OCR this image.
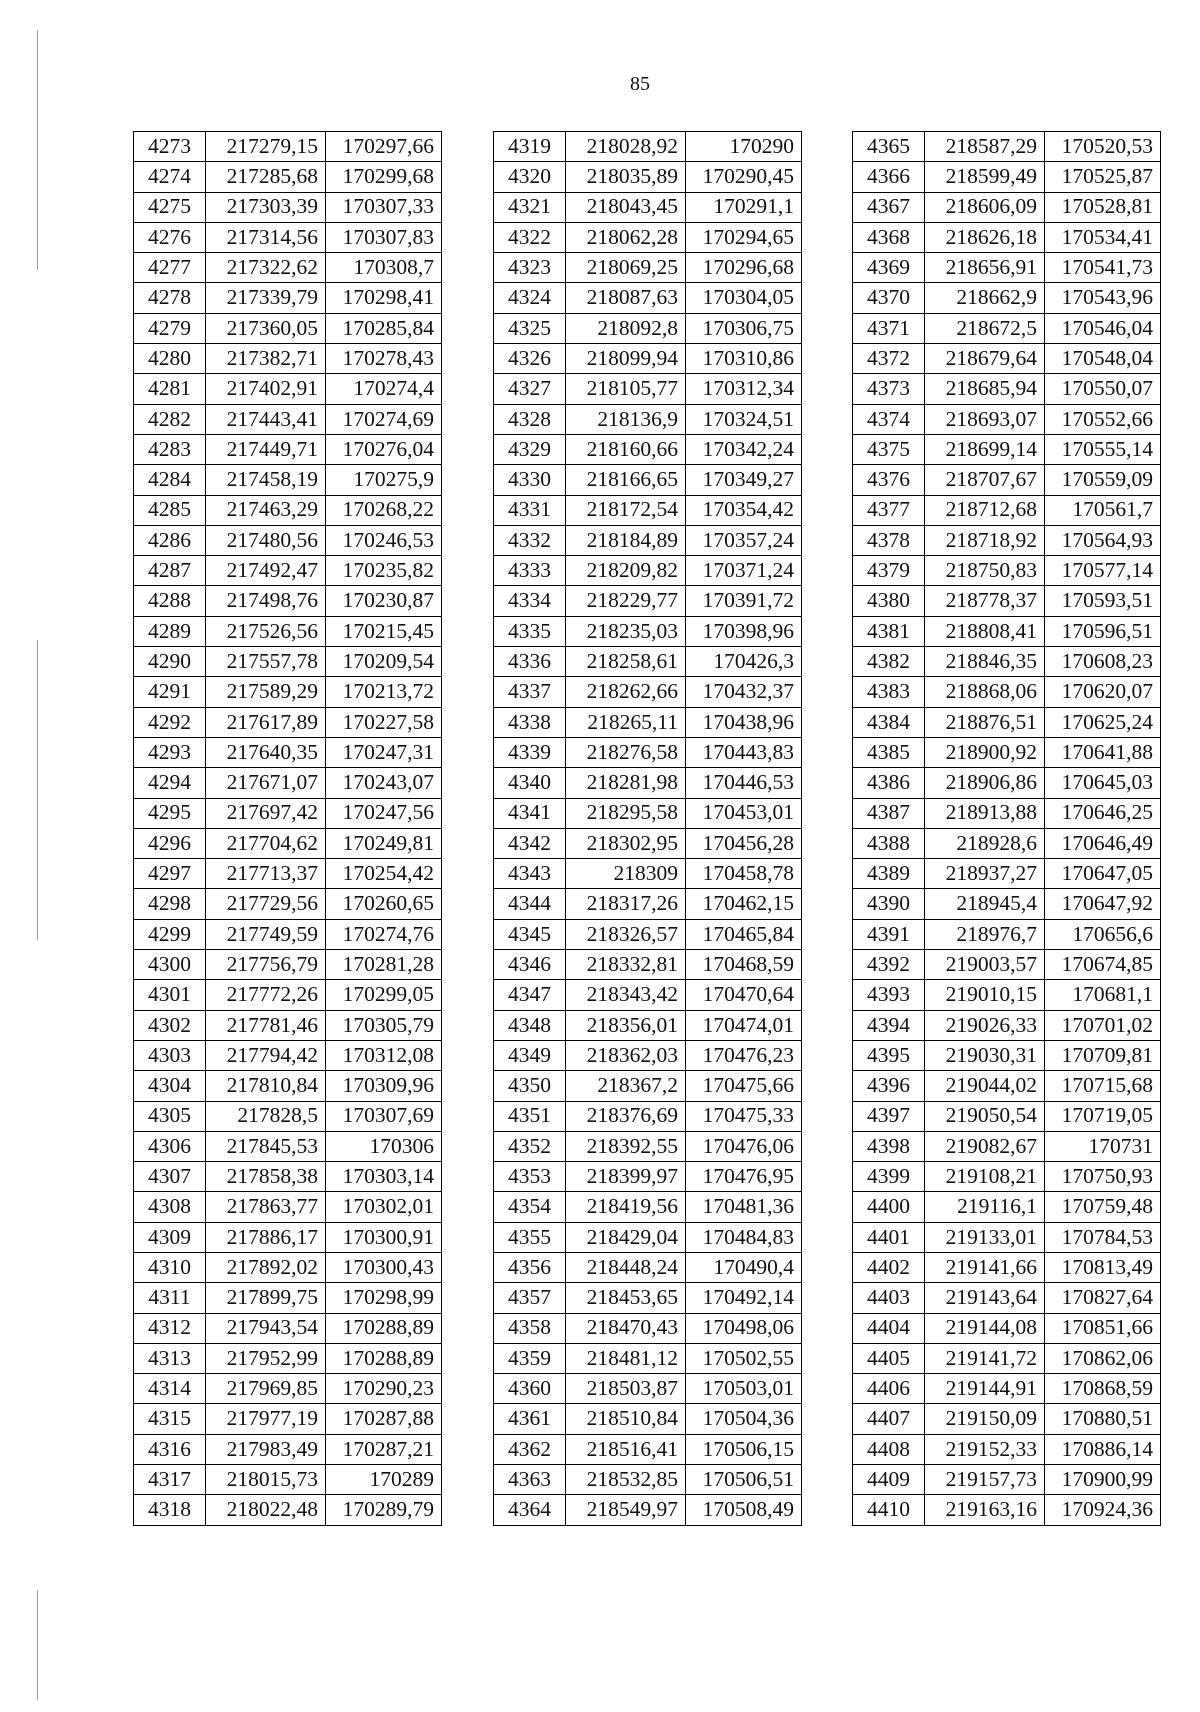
85
4273	217279,15	170297,66
4274	217285,68	170299,68
4275	217303,39	170307,33
4276	217314,56	170307,83
4277	217322,62	170308,7
4278	217339,79	170298,41
4279	217360,05	170285,84
4280	217382,71	170278,43
4281	217402,91	170274,4
4282	217443,41	170274,69
4283	217449,71	170276,04
4284	217458,19	170275,9
4285	217463,29	170268,22
4286	217480,56	170246,53
4287	217492,47	170235,82
4288	217498,76	170230,87
4289	217526,56	170215,45
4290	217557,78	170209,54
4291	217589,29	170213,72
4292	217617,89	170227,58
4293	217640,35	170247,31
4294	217671,07	170243,07
4295	217697,42	170247,56
4296	217704,62	170249,81
4297	217713,37	170254,42
4298	217729,56	170260,65
4299	217749,59	170274,76
4300	217756,79	170281,28
4301	217772,26	170299,05
4302	217781,46	170305,79
4303	217794,42	170312,08
4304	217810,84	170309,96
4305	217828,5	170307,69
4306	217845,53	170306
4307	217858,38	170303,14
4308	217863,77	170302,01
4309	217886,17	170300,91
4310	217892,02	170300,43
4311	217899,75	170298,99
4312	217943,54	170288,89
4313	217952,99	170288,89
4314	217969,85	170290,23
4315	217977,19	170287,88
4316	217983,49	170287,21
4317	218015,73	170289
4318	218022,48	170289,79
4319	218028,92	170290
4320	218035,89	170290,45
4321	218043,45	170291,1
4322	218062,28	170294,65
4323	218069,25	170296,68
4324	218087,63	170304,05
4325	218092,8	170306,75
4326	218099,94	170310,86
4327	218105,77	170312,34
4328	218136,9	170324,51
4329	218160,66	170342,24
4330	218166,65	170349,27
4331	218172,54	170354,42
4332	218184,89	170357,24
4333	218209,82	170371,24
4334	218229,77	170391,72
4335	218235,03	170398,96
4336	218258,61	170426,3
4337	218262,66	170432,37
4338	218265,11	170438,96
4339	218276,58	170443,83
4340	218281,98	170446,53
4341	218295,58	170453,01
4342	218302,95	170456,28
4343	218309	170458,78
4344	218317,26	170462,15
4345	218326,57	170465,84
4346	218332,81	170468,59
4347	218343,42	170470,64
4348	218356,01	170474,01
4349	218362,03	170476,23
4350	218367,2	170475,66
4351	218376,69	170475,33
4352	218392,55	170476,06
4353	218399,97	170476,95
4354	218419,56	170481,36
4355	218429,04	170484,83
4356	218448,24	170490,4
4357	218453,65	170492,14
4358	218470,43	170498,06
4359	218481,12	170502,55
4360	218503,87	170503,01
4361	218510,84	170504,36
4362	218516,41	170506,15
4363	218532,85	170506,51
4364	218549,97	170508,49
4365	218587,29	170520,53
4366	218599,49	170525,87
4367	218606,09	170528,81
4368	218626,18	170534,41
4369	218656,91	170541,73
4370	218662,9	170543,96
4371	218672,5	170546,04
4372	218679,64	170548,04
4373	218685,94	170550,07
4374	218693,07	170552,66
4375	218699,14	170555,14
4376	218707,67	170559,09
4377	218712,68	170561,7
4378	218718,92	170564,93
4379	218750,83	170577,14
4380	218778,37	170593,51
4381	218808,41	170596,51
4382	218846,35	170608,23
4383	218868,06	170620,07
4384	218876,51	170625,24
4385	218900,92	170641,88
4386	218906,86	170645,03
4387	218913,88	170646,25
4388	218928,6	170646,49
4389	218937,27	170647,05
4390	218945,4	170647,92
4391	218976,7	170656,6
4392	219003,57	170674,85
4393	219010,15	170681,1
4394	219026,33	170701,02
4395	219030,31	170709,81
4396	219044,02	170715,68
4397	219050,54	170719,05
4398	219082,67	170731
4399	219108,21	170750,93
4400	219116,1	170759,48
4401	219133,01	170784,53
4402	219141,66	170813,49
4403	219143,64	170827,64
4404	219144,08	170851,66
4405	219141,72	170862,06
4406	219144,91	170868,59
4407	219150,09	170880,51
4408	219152,33	170886,14
4409	219157,73	170900,99
4410	219163,16	170924,36
